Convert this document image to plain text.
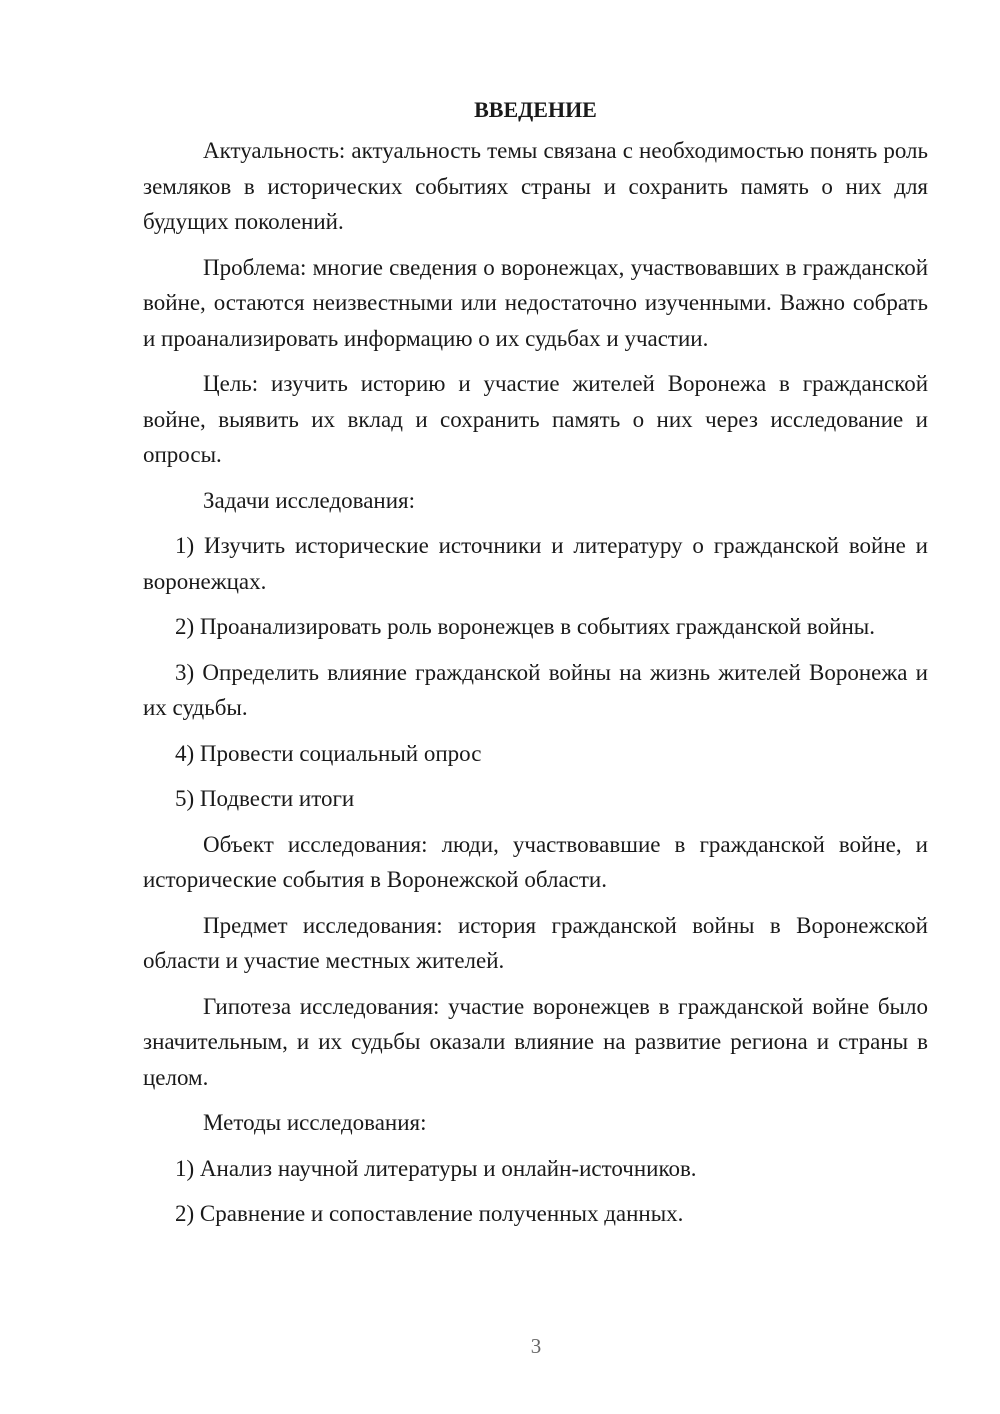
ВВЕДЕНИЕ

Актуальность: актуальность темы связана с необходимостью понять роль земляков в исторических событиях страны и сохранить память о них для будущих поколений.

Проблема: многие сведения о воронежцах, участвовавших в гражданской войне, остаются неизвестными или недостаточно изученными. Важно собрать и проанализировать информацию о их судьбах и участии.

Цель: изучить историю и участие жителей Воронежа в гражданской войне, выявить их вклад и сохранить память о них через исследование и опросы.

Задачи исследования:

1) Изучить исторические источники и литературу о гражданской войне и воронежцах.

2) Проанализировать роль воронежцев в событиях гражданской войны.

3) Определить влияние гражданской войны на жизнь жителей Воронежа и их судьбы.

4) Провести социальный опрос

5) Подвести итоги

Объект исследования: люди, участвовавшие в гражданской войне, и исторические события в Воронежской области.

Предмет исследования: история гражданской войны в Воронежской области и участие местных жителей.

Гипотеза исследования: участие воронежцев в гражданской войне было значительным, и их судьбы оказали влияние на развитие региона и страны в целом.

Методы исследования:

1) Анализ научной литературы и онлайн-источников.

2) Сравнение и сопоставление полученных данных.

3
